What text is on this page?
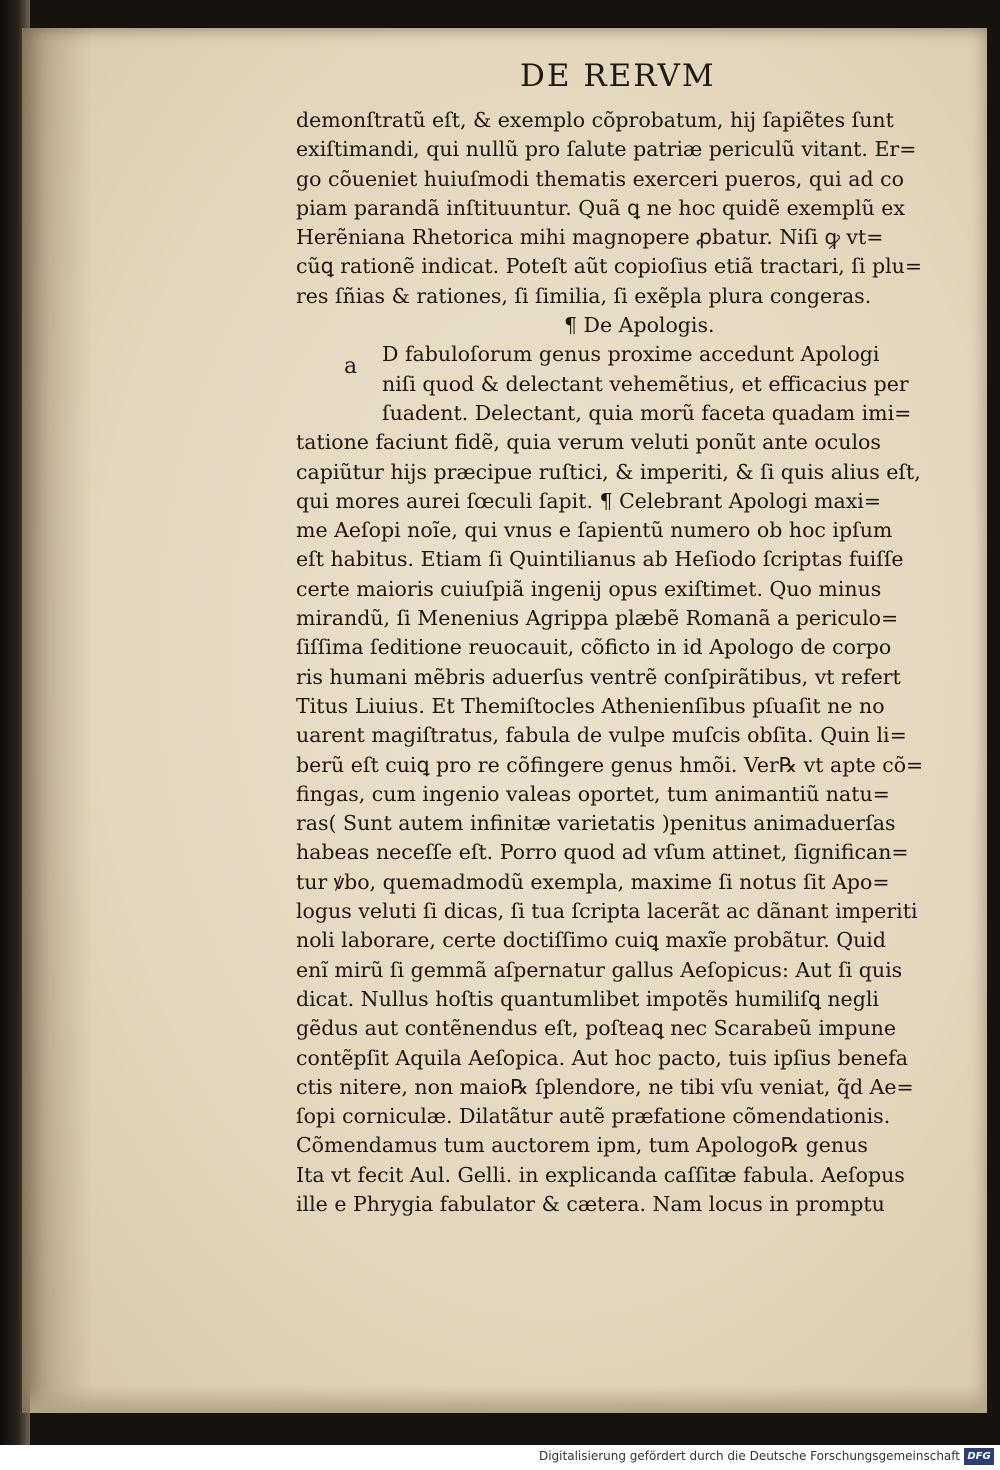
DE RERVM
demonſtratũ eſt, & exemplo cõprobatum, hij ſapiẽtes ſunt
exiſtimandi, qui nullũ pro ſalute patriæ periculũ vitant. Er=
go cõueniet huiuſmodi thematis exerceri pueros, qui ad co
piam parandã inſtituuntur. Quã ꝗ ne hoc quidẽ exemplũ ex
Herẽniana Rhetorica mihi magnopere ꝓbatur. Niſi ꝙ vt=
cũꝗ rationẽ indicat. Poteſt aũt copioſius etiã tractari, ſi plu=
res ſñias & rationes, ſi ſimilia, ſi exẽpla plura congeras.
¶ De Apologis.
D fabuloſorum genus proxime accedunt Apologi
niſi quod & delectant vehemẽtius, et efficacius per
ſuadent. Delectant, quia morũ faceta quadam imi=
tatione faciunt fidẽ, quia verum veluti ponũt ante oculos
capiũtur hijs præcipue ruſtici, & imperiti, & ſi quis alius eſt,
qui mores aurei ſœculi ſapit. ¶ Celebrant Apologi maxi=
me Aeſopi noĩe, qui vnus e ſapientũ numero ob hoc ipſum
eſt habitus. Etiam ſi Quintilianus ab Heſiodo ſcriptas fuiſſe
certe maioris cuiuſpiã ingenij opus exiſtimet. Quo minus
mirandũ, ſi Menenius Agrippa plæbẽ Romanã a periculo=
ſiſſima ſeditione reuocauit, cõficto in id Apologo de corpo
ris humani mẽbris aduerſus ventrẽ conſpirãtibus, vt refert
Titus Liuius. Et Themiſtocles Athenienſibus pſuaſit ne no
uarent magiſtratus, fabula de vulpe muſcis obſita. Quin li=
berũ eſt cuiꝗ pro re cõfingere genus hmõi. Ver℞ vt apte cõ=
fingas, cum ingenio valeas oportet, tum animantiũ natu=
ras( Sunt autem infinitæ varietatis )penitus animaduerſas
habeas neceſſe eſt. Porro quod ad vſum attinet, ſignifican=
tur ꝟbo, quemadmodũ exempla, maxime ſi notus ſit Apo=
logus veluti ſi dicas, ſi tua ſcripta lacerãt ac dãnant imperiti
noli laborare, certe doctiſſimo cuiꝗ maxĩe probãtur. Quid
enĩ mirũ ſi gemmã aſpernatur gallus Aeſopicus: Aut ſi quis
dicat. Nullus hoſtis quantumlibet impotẽs humiliſꝗ negli
gẽdus aut contẽnendus eſt, poſteaꝗ nec Scarabeũ impune
contẽpſit Aquila Aeſopica. Aut hoc pacto, tuis ipſius benefa
ctis nitere, non maio℞ ſplendore, ne tibi vſu veniat, q̃d Ae=
ſopi corniculæ. Dilatãtur autẽ præfatione cõmendationis.
Cõmendamus tum auctorem ipm, tum Apologo℞ genus
Ita vt fecit Aul. Gelli. in explicanda caſſitæ fabula. Aeſopus
ille e Phrygia fabulator & cætera. Nam locus in promptu
a
Digitalisierung gefördert durch die Deutsche Forschungsgemeinschaft DFG
